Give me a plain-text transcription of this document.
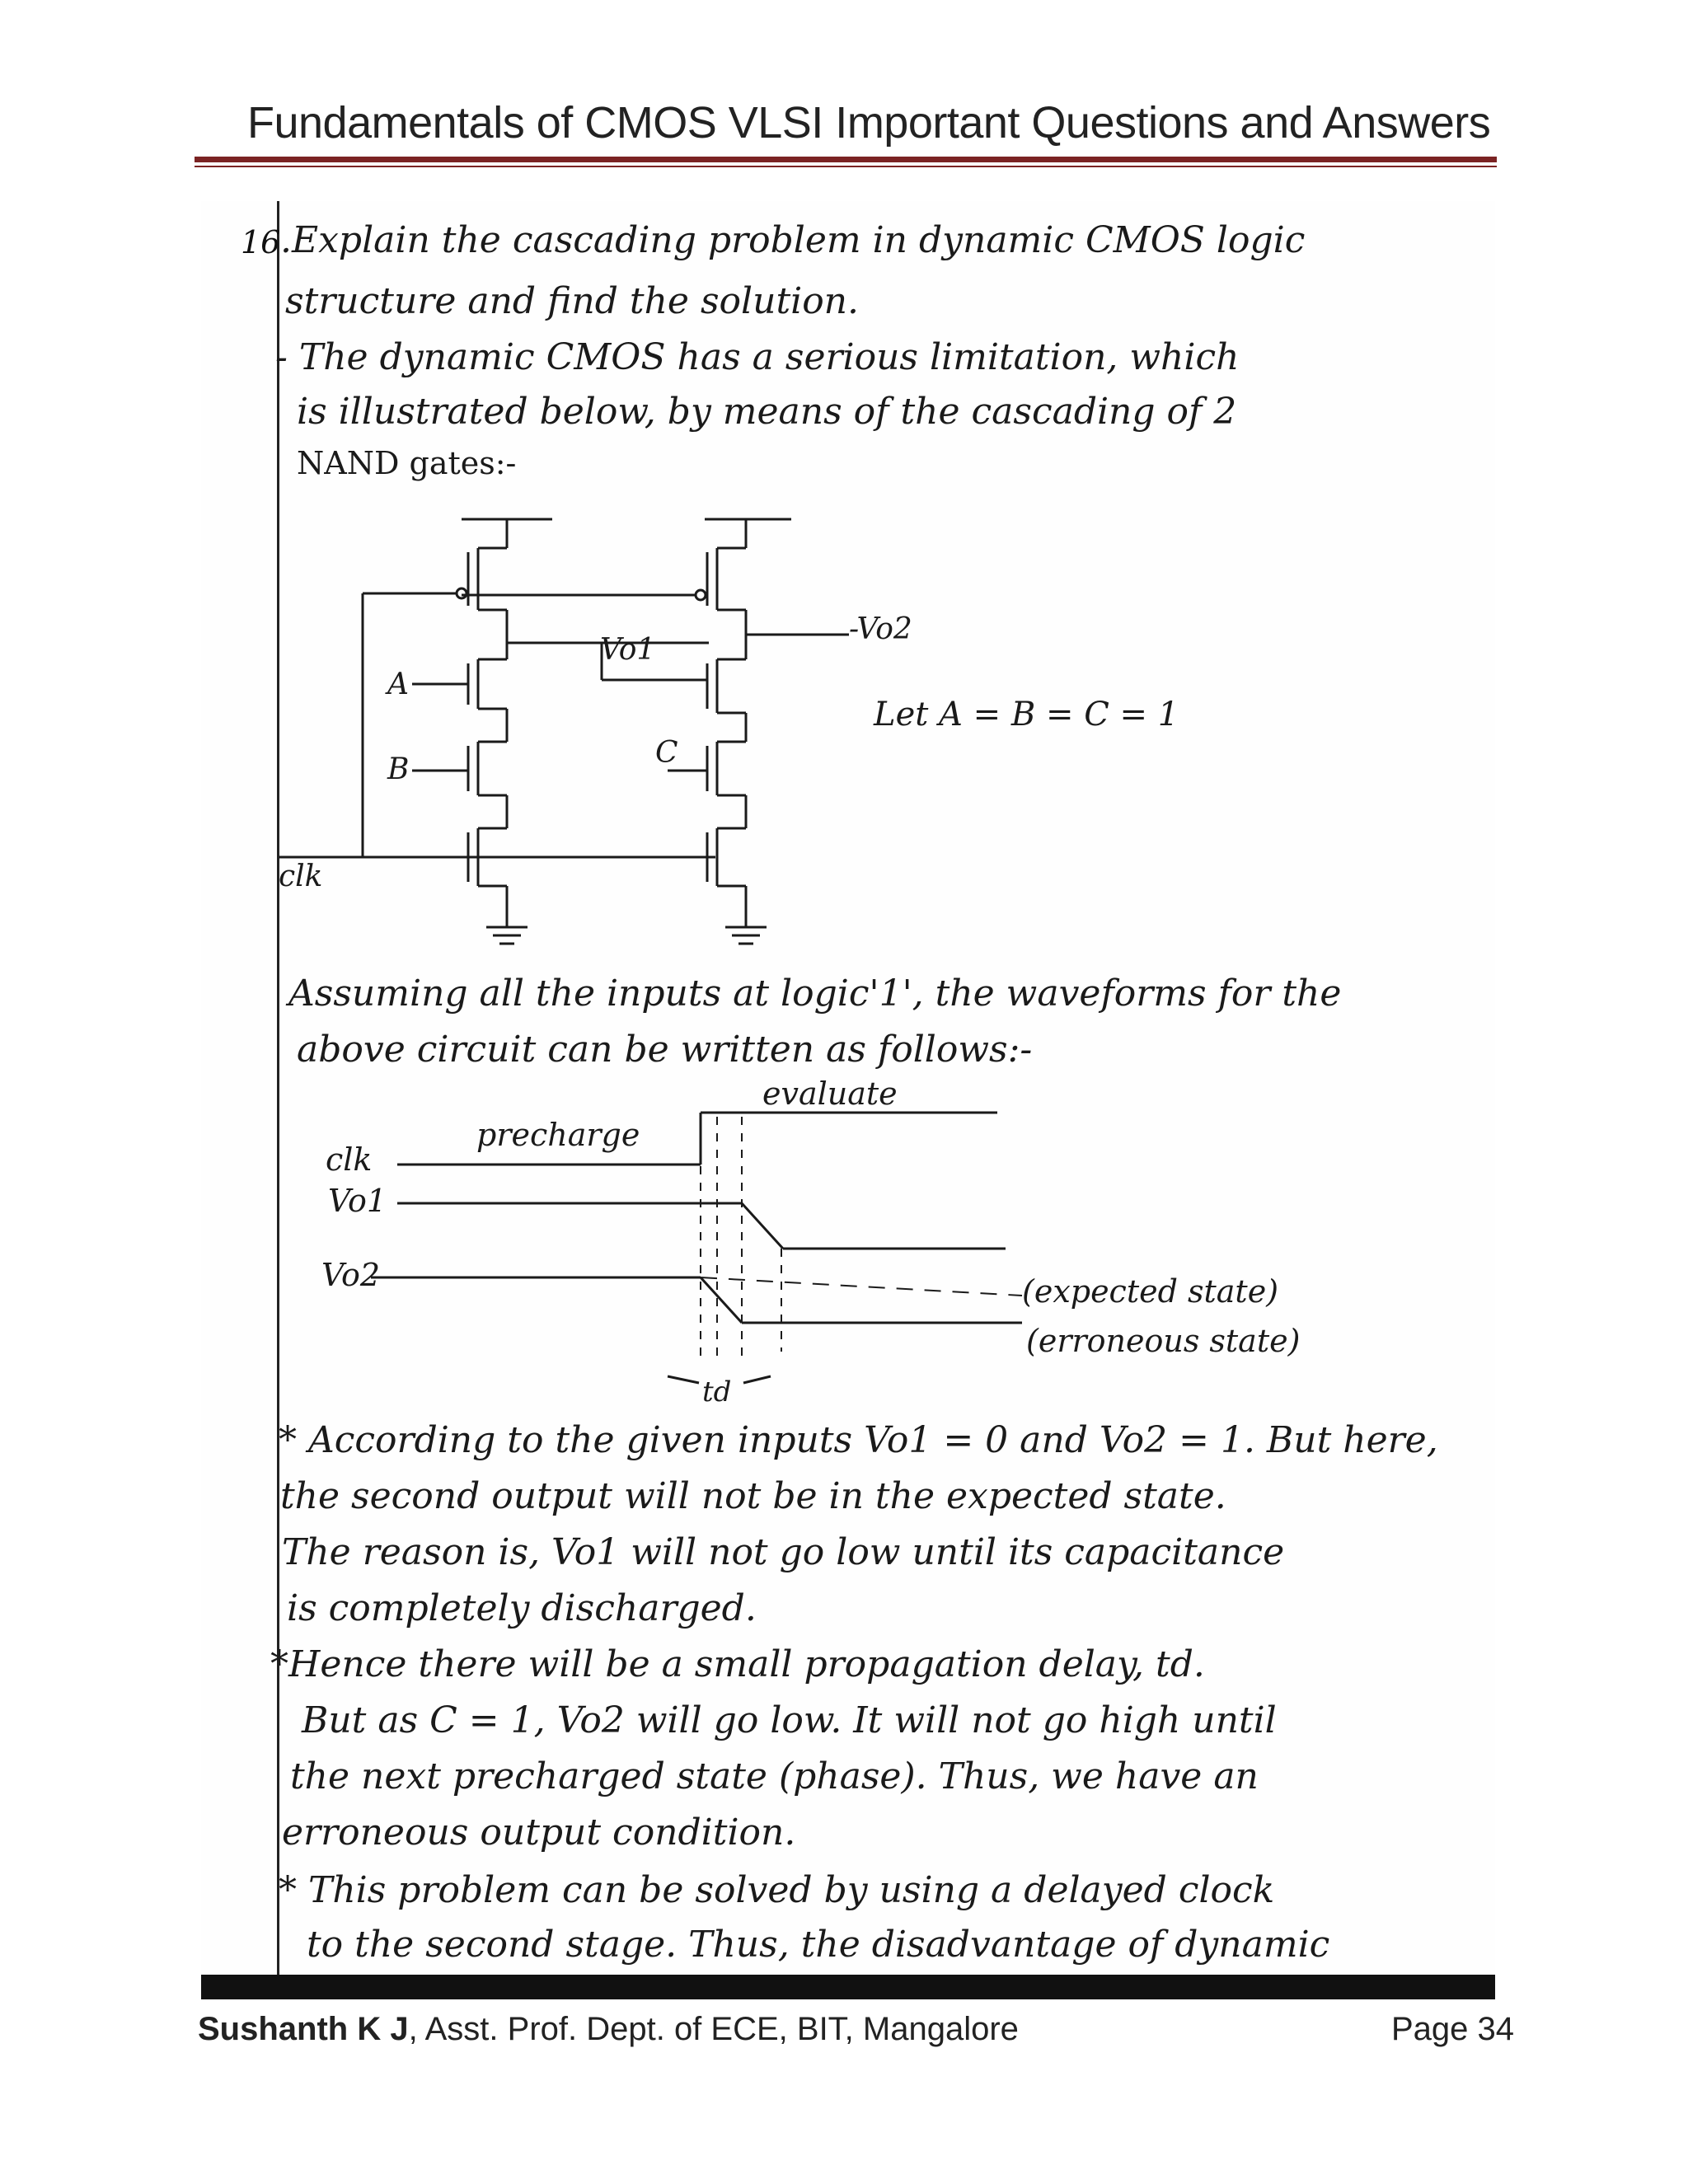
Fundamentals of CMOS VLSI Important Questions and Answers
16 .Explain the cascading problem in dynamic CMOS logic
structure and find the solution.
- The dynamic CMOS has a serious limitation, which
is illustrated below, by means of the cascading of 2
NAND gates:-
Vo1
-Vo2
A
B	C
clk
Let A = B = C = 1
evaluate
precharge
clk
Vo1
Vo2	(expected state)
(erroneous state)
td
Assuming all the inputs at logic'1', the waveforms for the
above circuit can be written as follows:-
* According to the given inputs Vo1 = 0 and Vo2 = 1. But here,
the second output will not be in the expected state.
The reason is, Vo1 will not go low until its capacitance
is completely discharged.
*Hence there will be a small propagation delay, td.
But as C = 1, Vo2 will go low. It will not go high until
the next precharged state (phase). Thus, we have an
erroneous output condition.
* This problem can be solved by using a delayed clock
to the second stage. Thus, the disadvantage of dynamic
Sushanth K J, Asst. Prof. Dept. of ECE, BIT, Mangalore	Page 34
